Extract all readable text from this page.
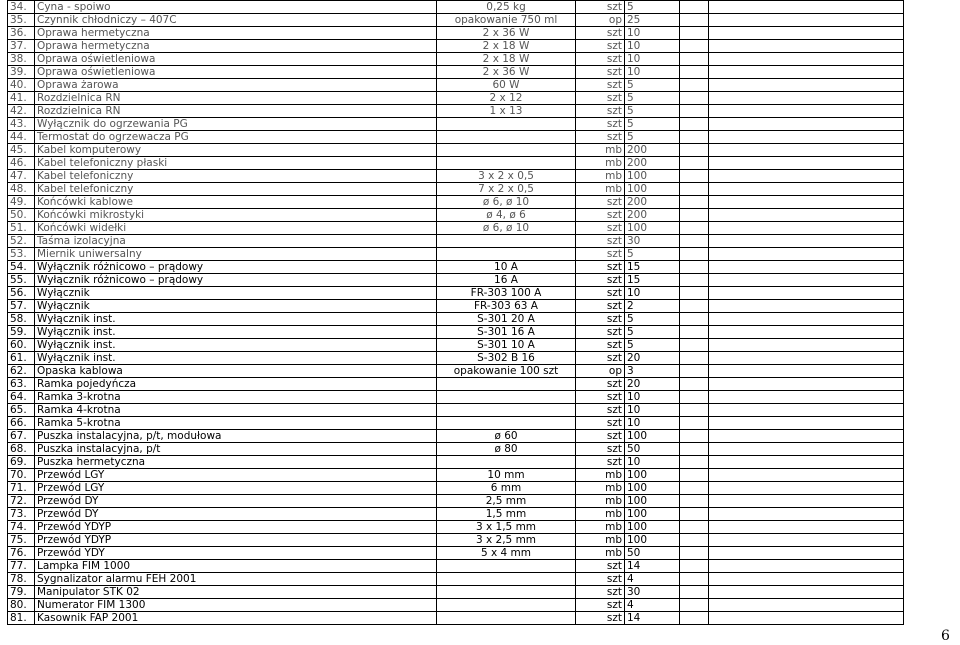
34.	Cyna - spoiwo	0,25 kg	szt	5		
35.	Czynnik chłodniczy – 407C	opakowanie 750 ml	op	25		
36.	Oprawa hermetyczna	2 x 36 W	szt	10		
37.	Oprawa hermetyczna	2 x 18 W	szt	10		
38.	Oprawa oświetleniowa	2 x 18 W	szt	10		
39.	Oprawa oświetleniowa	2 x 36 W	szt	10		
40.	Oprawa żarowa	60 W	szt	5		
41.	Rozdzielnica RN	2 x 12	szt	5		
42.	Rozdzielnica RN	1 x 13	szt	5		
43.	Wyłącznik do ogrzewania PG		szt	5		
44.	Termostat do ogrzewacza PG		szt	5		
45.	Kabel komputerowy		mb	200		
46.	Kabel telefoniczny płaski		mb	200		
47.	Kabel telefoniczny	3 x 2 x 0,5	mb	100		
48.	Kabel telefoniczny	7 x 2 x 0,5	mb	100		
49.	Końcówki kablowe	ø 6, ø 10	szt	200		
50.	Końcówki mikrostyki	ø 4, ø 6	szt	200		
51.	Końcówki widełki	ø 6, ø 10	szt	100		
52.	Taśma izolacyjna		szt	30		
53.	Miernik uniwersalny		szt	5		
54.	Wyłącznik różnicowo – prądowy	10 A	szt	15		
55.	Wyłącznik różnicowo – prądowy	16 A	szt	15		
56.	Wyłącznik	FR-303 100 A	szt	10		
57.	Wyłącznik	FR-303 63 A	szt	2		
58.	Wyłącznik inst.	S-301 20 A	szt	5		
59.	Wyłącznik inst.	S-301 16 A	szt	5		
60.	Wyłącznik inst.	S-301 10 A	szt	5		
61.	Wyłącznik inst.	S-302 B 16	szt	20		
62.	Opaska kablowa	opakowanie 100 szt	op	3		
63.	Ramka pojedyńcza		szt	20		
64.	Ramka 3-krotna		szt	10		
65.	Ramka 4-krotna		szt	10		
66.	Ramka 5-krotna		szt	10		
67.	Puszka instalacyjna, p/t, modułowa	ø 60	szt	100		
68.	Puszka instalacyjna, p/t	ø 80	szt	50		
69.	Puszka hermetyczna		szt	10		
70.	Przewód LGY	10 mm	mb	100		
71.	Przewód LGY	6 mm	mb	100		
72.	Przewód DY	2,5 mm	mb	100		
73.	Przewód DY	1,5 mm	mb	100		
74.	Przewód YDYP	3 x 1,5 mm	mb	100		
75.	Przewód YDYP	3 x 2,5 mm	mb	100		
76.	Przewód YDY	5 x 4 mm	mb	50		
77.	Lampka FIM 1000		szt	14		
78.	Sygnalizator alarmu FEH 2001		szt	4		
79.	Manipulator STK 02		szt	30		
80.	Numerator FIM 1300		szt	4		
81.	Kasownik FAP 2001		szt	14		
6
